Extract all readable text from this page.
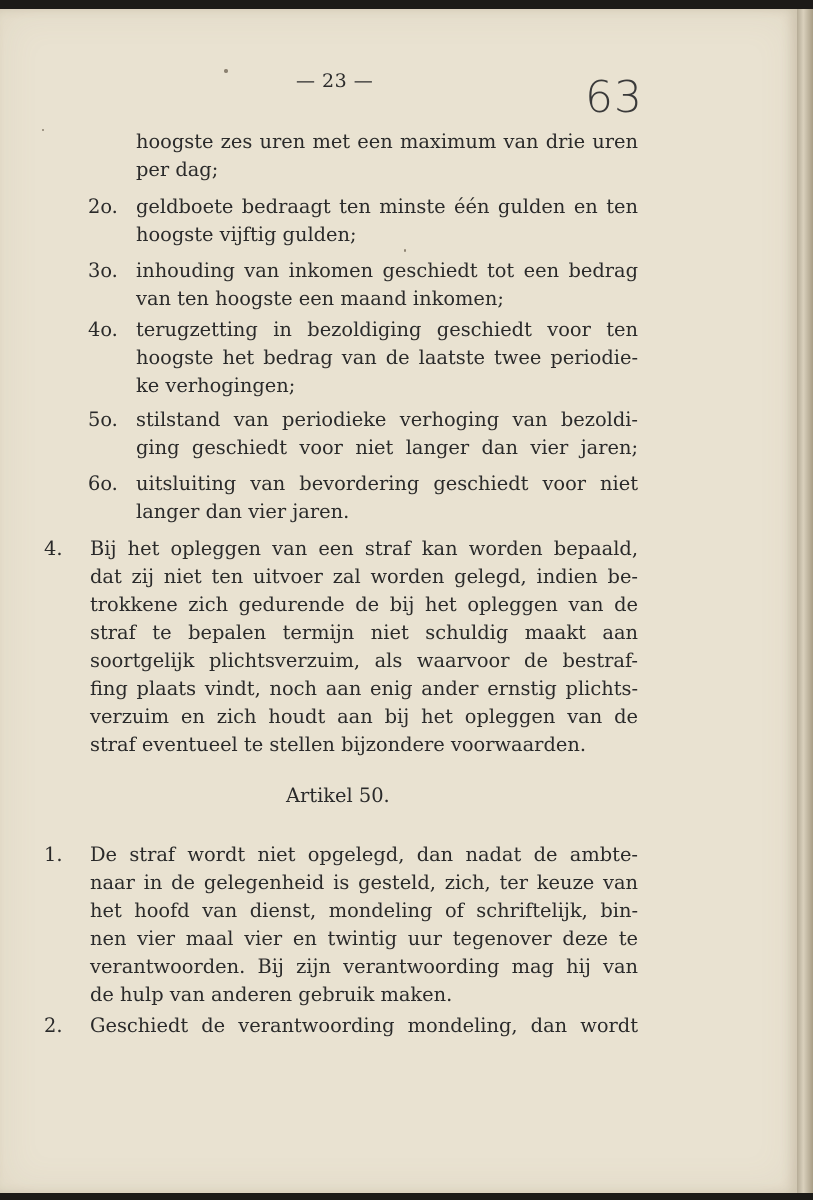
— 23 —	63
hoogste zes uren met een maximum van drie uren
per dag;
2o. geldboete bedraagt ten minste één gulden en ten
hoogste vijftig gulden;
3o. inhouding van inkomen geschiedt tot een bedrag
van ten hoogste een maand inkomen;
4o. terugzetting in bezoldiging geschiedt voor ten
hoogste het bedrag van de laatste twee periodie-
ke verhogingen;
5o. stilstand van periodieke verhoging van bezoldi-
ging geschiedt voor niet langer dan vier jaren;
6o. uitsluiting van bevordering geschiedt voor niet
langer dan vier jaren.
4. Bij het opleggen van een straf kan worden bepaald,
dat zij niet ten uitvoer zal worden gelegd, indien be-
trokkene zich gedurende de bij het opleggen van de
straf te bepalen termijn niet schuldig maakt aan
soortgelijk plichtsverzuim, als waarvoor de bestraf-
fing plaats vindt, noch aan enig ander ernstig plichts-
verzuim en zich houdt aan bij het opleggen van de
straf eventueel te stellen bijzondere voorwaarden.
Artikel 50.
1. De straf wordt niet opgelegd, dan nadat de ambte-
naar in de gelegenheid is gesteld, zich, ter keuze van
het hoofd van dienst, mondeling of schriftelijk, bin-
nen vier maal vier en twintig uur tegenover deze te
verantwoorden. Bij zijn verantwoording mag hij van
de hulp van anderen gebruik maken.
2. Geschiedt de verantwoording mondeling, dan wordt
